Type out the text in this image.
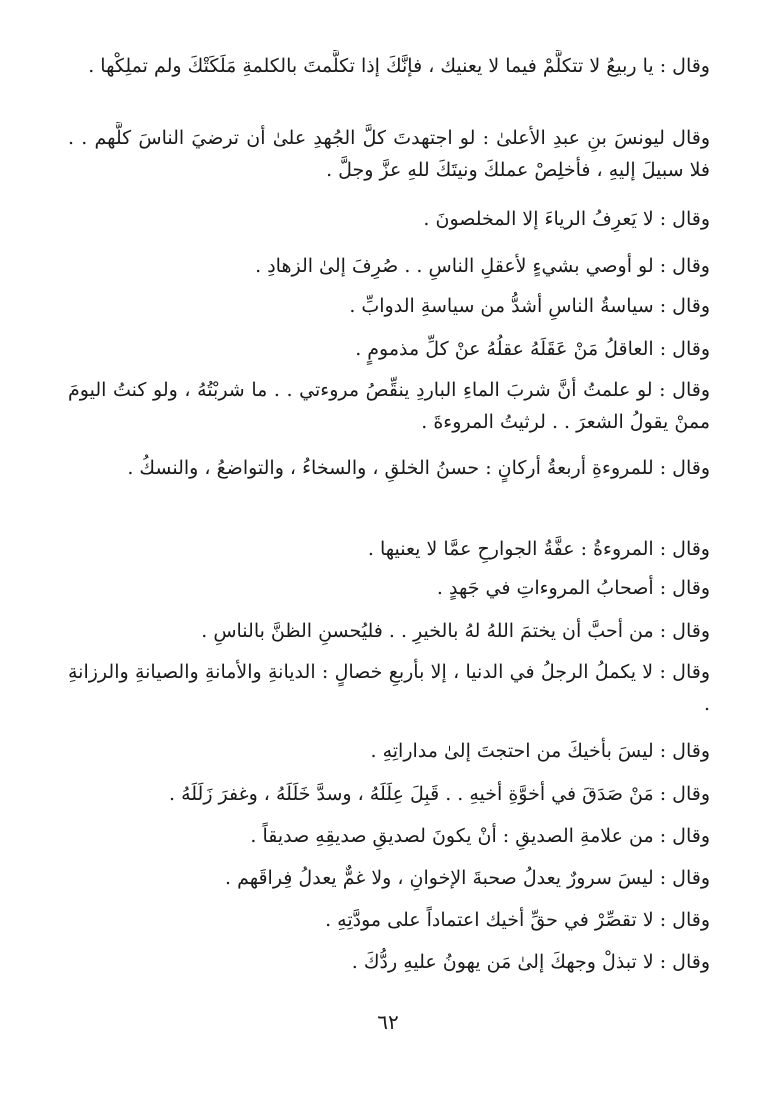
وقال : يا ربيعُ لا تتكلَّمْ فيما لا يعنيك ، فإنَّكَ إذا تكلَّمتَ بالكلمةِ مَلَكَتْكَ ولم تملِكْها .
وقال ليونسَ بنِ عبدِ الأعلىٰ : لو اجتهدتَ كلَّ الجُهدِ علىٰ أن ترضيَ الناسَ كلَّهم . . فلا سبيلَ إليهِ ، فأخلِصْ عملكَ ونيتَكَ للهِ عزَّ وجلَّ .
وقال : لا يَعرِفُ الرياءَ إلا المخلصونَ .
وقال : لو أوصي بشيءٍ لأعقلِ الناسِ . . صُرِفَ إلىٰ الزهادِ .
وقال : سياسةُ الناسِ أشدُّ من سياسةِ الدوابِّ .
وقال : العاقلُ مَنْ عَقَلَهُ عقلُهُ عنْ كلِّ مذمومٍ .
وقال : لو علمتُ أنَّ شربَ الماءِ الباردِ ينقِّصُ مروءتي . . ما شربْتُهُ ، ولو كنتُ اليومَ ممنْ يقولُ الشعرَ . . لرثيتُ المروءةَ .
وقال : للمروءةِ أربعةُ أركانٍ : حسنُ الخلقِ ، والسخاءُ ، والتواضعُ ، والنسكُ .
وقال : المروءةُ : عفَّةُ الجوارحِ عمَّا لا يعنيها .
وقال : أصحابُ المروءاتِ في جَهدٍ .
وقال : من أحبَّ أن يختمَ اللهُ لهُ بالخيرِ . . فليُحسنِ الظنَّ بالناسِ .
وقال : لا يكملُ الرجلُ في الدنيا ، إلا بأربعِ خصالٍ : الديانةِ والأمانةِ والصيانةِ والرزانةِ .
وقال : ليسَ بأخيكَ من احتجتَ إلىٰ مداراتِهِ .
وقال : مَنْ صَدَقَ في أخوَّةِ أخيهِ . . قَبِلَ عِلَلَهُ ، وسدَّ خَلَلَهُ ، وغفرَ زَلَلَهُ .
وقال : من علامةِ الصديقِ : أنْ يكونَ لصديقِ صديقِهِ صديقاً .
وقال : ليسَ سرورٌ يعدلُ صحبةَ الإخوانِ ، ولا غمٌّ يعدلُ فِراقَهم .
وقال : لا تقصِّرْ في حقِّ أخيك اعتماداً على مودَّتِهِ .
وقال : لا تبذلْ وجهكَ إلىٰ مَن يهونُ عليهِ ردُّكَ .
٦٢
